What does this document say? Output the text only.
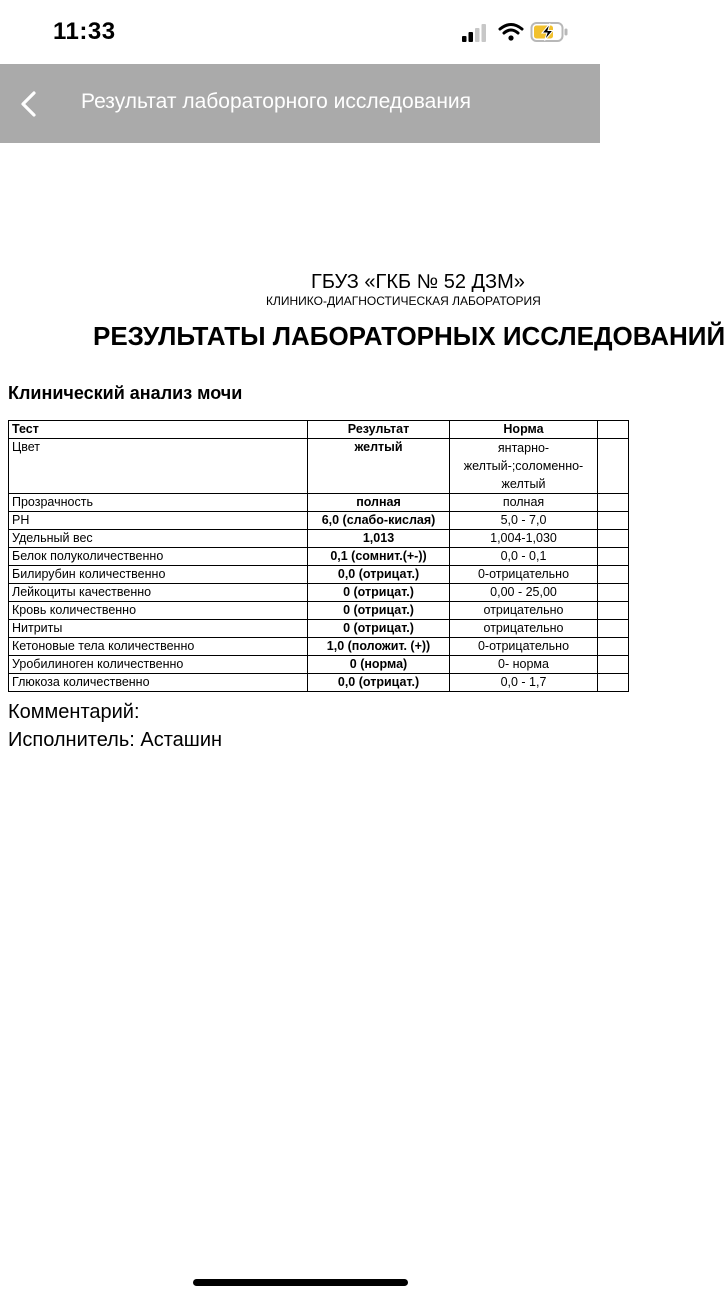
11:33
Результат лабораторного исследования
ГБУЗ «ГКБ № 52 ДЗМ»
КЛИНИКО-ДИАГНОСТИЧЕСКАЯ ЛАБОРАТОРИЯ
РЕЗУЛЬТАТЫ ЛАБОРАТОРНЫХ ИССЛЕДОВАНИЙ
Клинический анализ мочи
Тест	Результат	Норма	
Цвет	желтый	янтарно-желтый-;соломенно-желтый	
Прозрачность	полная	полная	
PH	6,0 (слабо-кислая)	5,0 - 7,0	
Удельный вес	1,013	1,004-1,030	
Белок полуколичественно	0,1 (сомнит.(+-))	0,0 - 0,1	
Билирубин количественно	0,0 (отрицат.)	0-отрицательно	
Лейкоциты качественно	0 (отрицат.)	0,00 - 25,00	
Кровь количественно	0 (отрицат.)	отрицательно	
Нитриты	0 (отрицат.)	отрицательно	
Кетоновые тела количественно	1,0 (положит. (+))	0-отрицательно	
Уробилиноген количественно	0 (норма)	0- норма	
Глюкоза количественно	0,0 (отрицат.)	0,0 - 1,7	
Комментарий:
Исполнитель: Асташин
